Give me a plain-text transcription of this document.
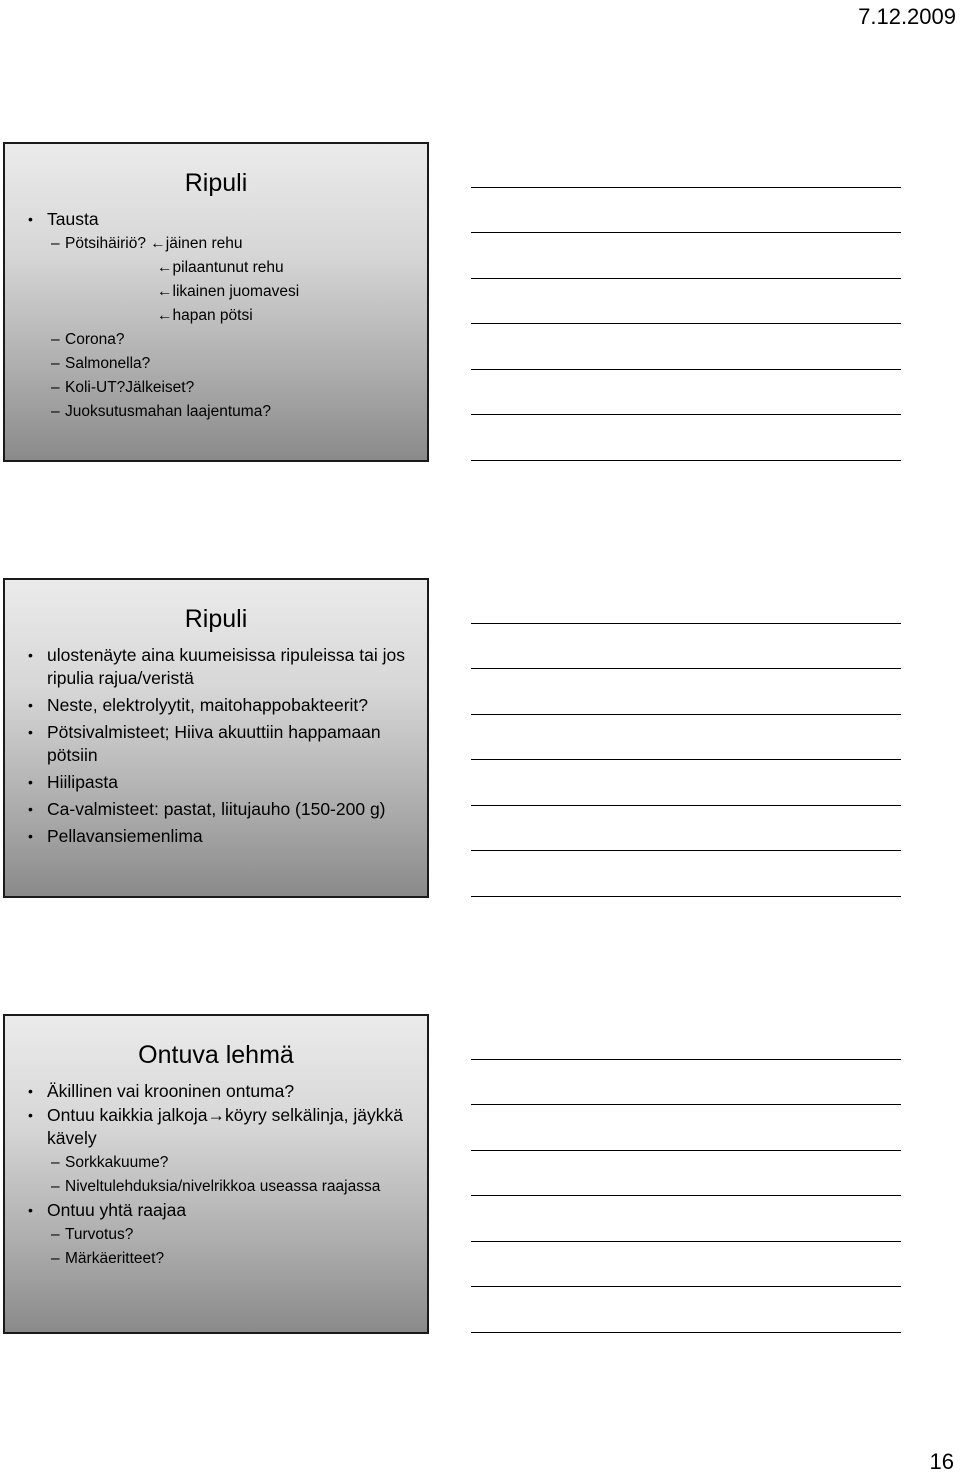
7.12.2009
Ripuli
• Tausta
– Pötsihäiriö? ←jäinen rehu
←pilaantunut rehu
←likainen juomavesi
←hapan pötsi
– Corona?
– Salmonella?
– Koli-UT?Jälkeiset?
– Juoksutusmahan laajentuma?
Ripuli
• ulostenäyte aina kuumeisissa ripuleissa tai jos ripulia rajua/veristä
• Neste, elektrolyytit, maitohappobakteerit?
• Pötsivalmisteet; Hiiva akuuttiin happamaan pötsiin
• Hiilipasta
• Ca-valmisteet: pastat, liitujauho (150-200 g)
• Pellavansiemenlima
Ontuva lehmä
• Äkillinen vai krooninen ontuma?
• Ontuu kaikkia jalkoja→köyry selkälinja, jäykkä kävely
– Sorkkakuume?
– Niveltulehduksia/nivelrikkoa useassa raajassa
• Ontuu yhtä raajaa
– Turvotus?
– Märkäeritteet?
16
